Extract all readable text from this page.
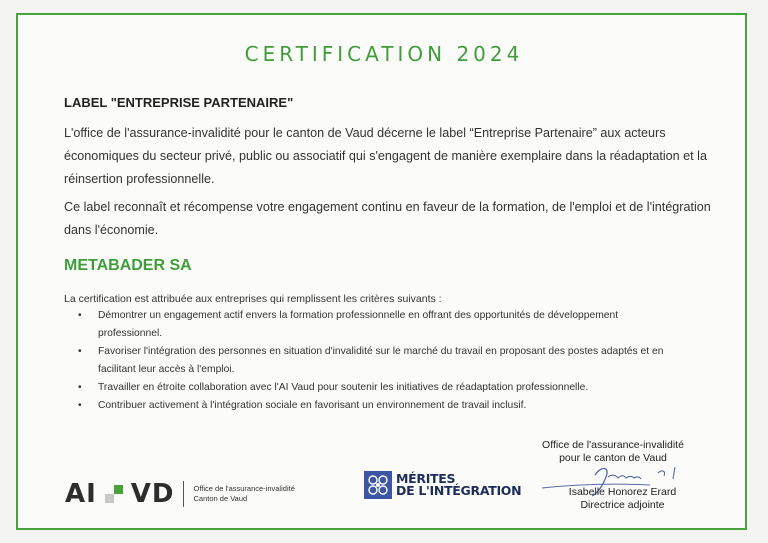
CERTIFICATION 2024
LABEL "ENTREPRISE PARTENAIRE"
L'office de l'assurance-invalidité pour le canton de Vaud décerne le label “Entreprise Partenaire” aux acteurs économiques du secteur privé, public ou associatif qui s'engagent de manière exemplaire dans la réadaptation et la réinsertion professionnelle.
Ce label reconnaît et récompense votre engagement continu en faveur de la formation, de l'emploi et de l'intégration dans l'économie.
METABADER SA
La certification est attribuée aux entreprises qui remplissent les critères suivants :
• Démontrer un engagement actif envers la formation professionnelle en offrant des opportunités de développement professionnel.
• Favoriser l'intégration des personnes en situation d'invalidité sur le marché du travail en proposant des postes adaptés et en facilitant leur accès à l'emploi.
• Travailler en étroite collaboration avec l'AI Vaud pour soutenir les initiatives de réadaptation professionnelle.
• Contribuer activement à l'intégration sociale en favorisant un environnement de travail inclusif.
Office de l'assurance-invalidité
pour le canton de Vaud
Isabelle Honorez Erard
Directrice adjointe
AI VD	Office de l'assurance-invalidité
Canton de Vaud
MÉRITES
DE L'INTÉGRATION
